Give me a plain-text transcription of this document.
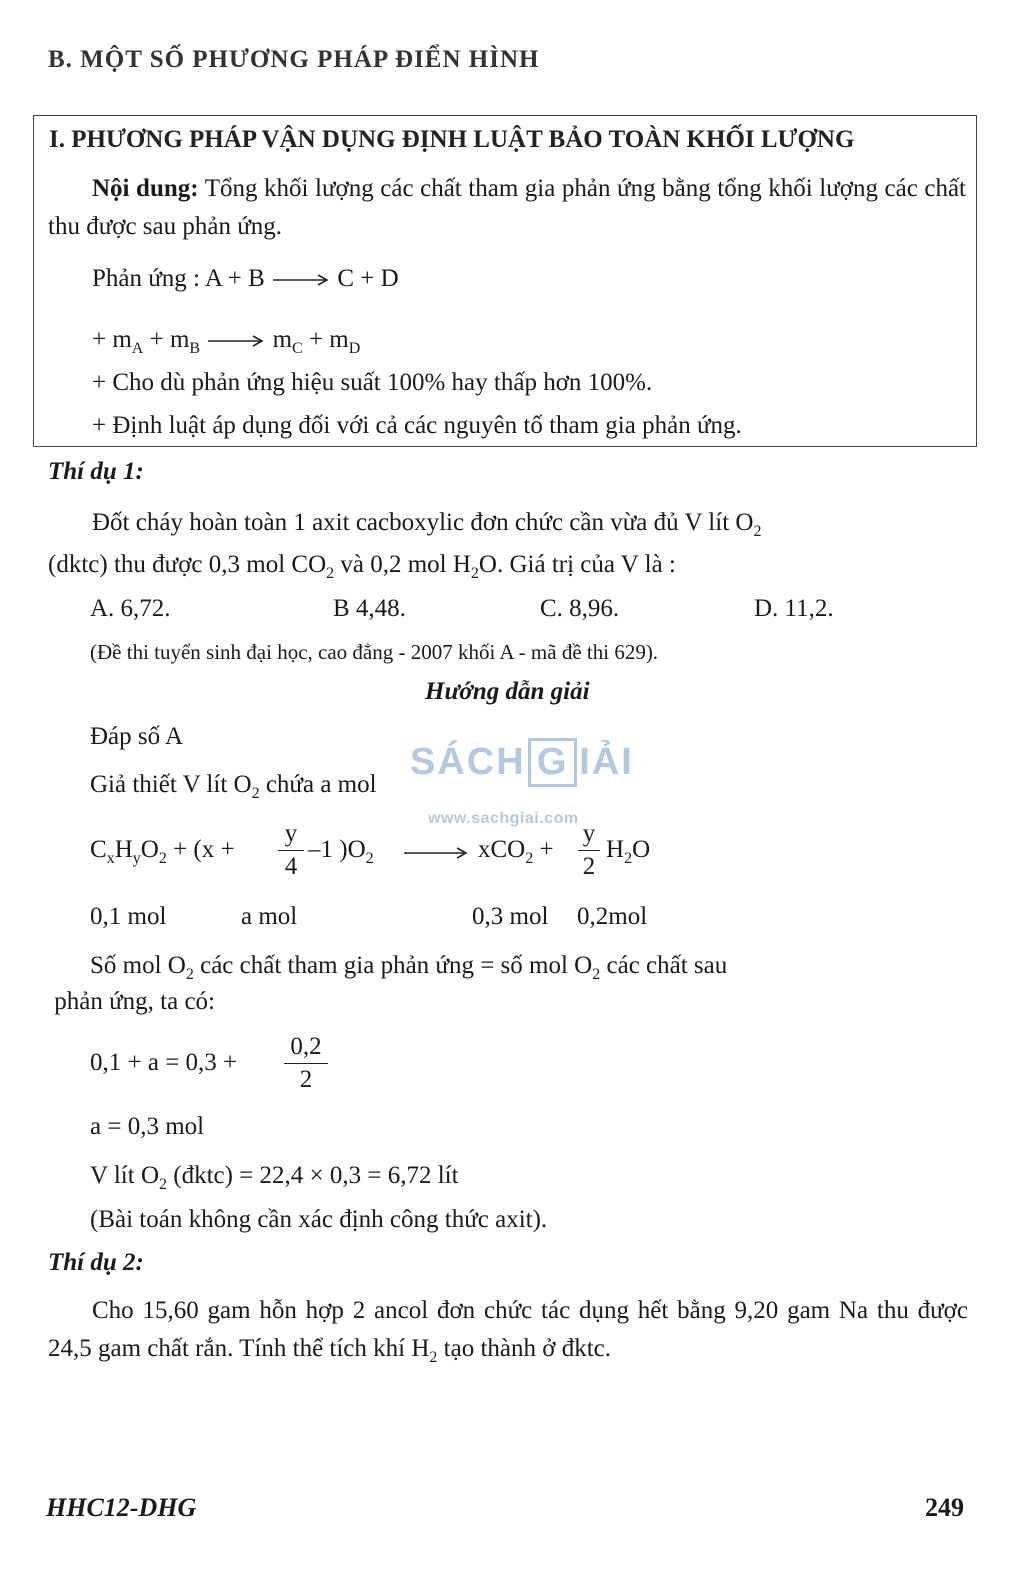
B. MỘT SỐ PHƯƠNG PHÁP ĐIỂN HÌNH
I. PHƯƠNG PHÁP VẬN DỤNG ĐỊNH LUẬT BẢO TOÀN KHỐI LƯỢNG
Nội dung: Tổng khối lượng các chất tham gia phản ứng bằng tổng khối lượng các chất thu được sau phản ứng.
Phản ứng : A + B	C + D
+ $m_A + m_B$	$m_C + m_D$
+ Cho dù phản ứng hiệu suất 100% hay thấp hơn 100%.
+ Định luật áp dụng đối với cả các nguyên tố tham gia phản ứng.
Thí dụ 1:
Đốt cháy hoàn toàn 1 axit cacboxylic đơn chức cần vừa đủ V lít $O_2$
(dktc) thu được 0,3 mol $CO_2$ và 0,2 mol $H_2O$. Giá trị của V là :
A. 6,72.	B 4,48.	C. 8,96.	D. 11,2.
(Đề thi tuyển sinh đại học, cao đẳng - 2007 khối A - mã đề thi 629).
Hướng dẫn giải
Đáp số A
Giả thiết V lít $O_2$ chứa a mol
SÁCH G IẢI
www.sachgiai.com
$C_xH_yO_2 + (x$ +
y
4
–1 )$O_2$	xCO$_2$ +
y
2
$H_2O$
0,1 mol	a mol	0,3 mol 0,2mol
Số mol $O_2$ các chất tham gia phản ứng = số mol $O_2$ các chất sau
phản ứng, ta có:
0,1 + a = 0,3 +
0,2
2
a = 0,3 mol
V lít $O_2$ (đktc) = 22,4 × 0,3 = 6,72 lít
(Bài toán không cần xác định công thức axit).
Thí dụ 2:
Cho 15,60 gam hỗn hợp 2 ancol đơn chức tác dụng hết bằng 9,20 gam Na thu được 24,5 gam chất rắn. Tính thể tích khí $H_2$ tạo thành ở đktc.
HHC12-DHG	249
